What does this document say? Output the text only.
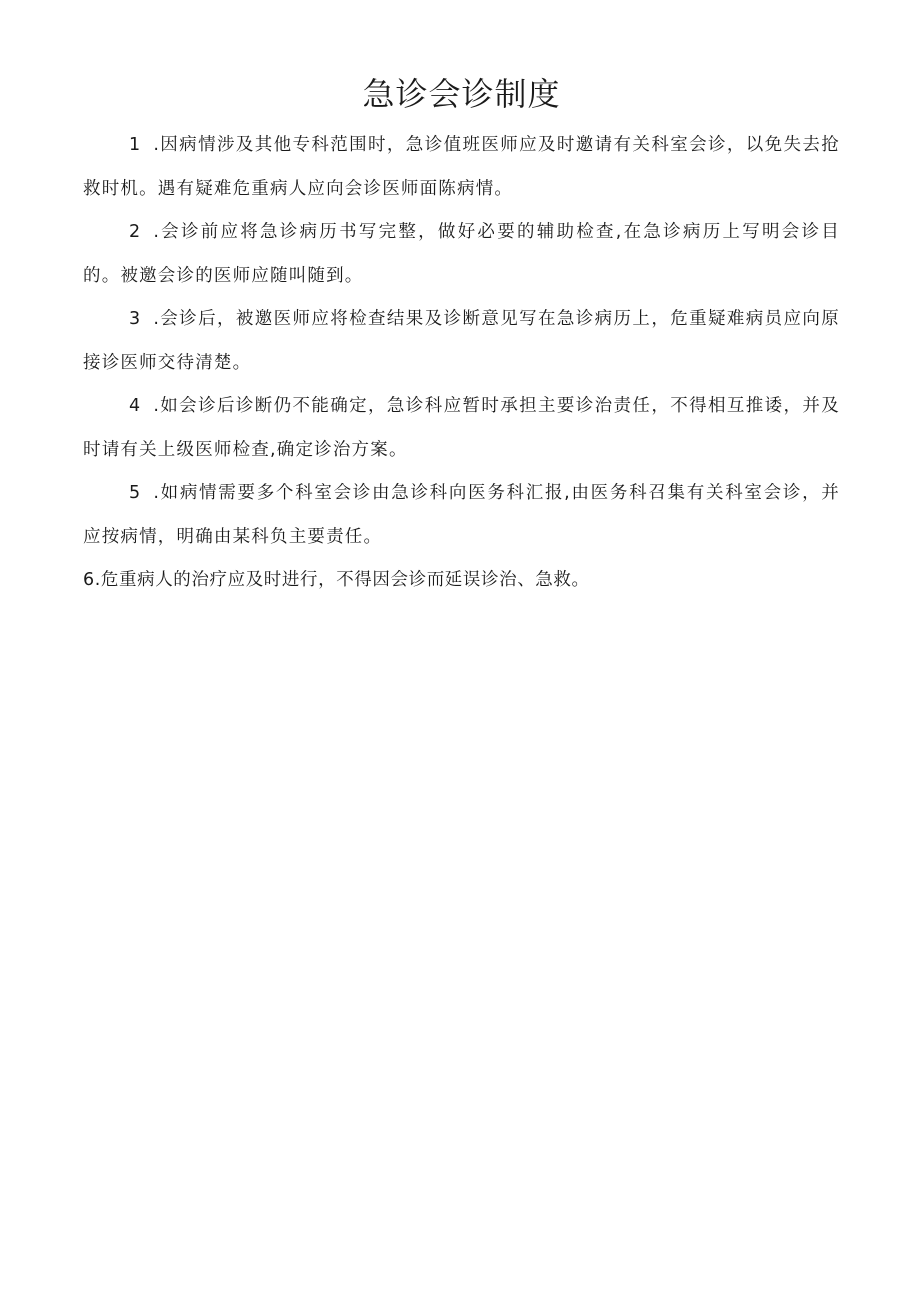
急诊会诊制度

1 .因病情涉及其他专科范围时，急诊值班医师应及时邀请有关科室会诊，以免失去抢救时机。遇有疑难危重病人应向会诊医师面陈病情。

2 .会诊前应将急诊病历书写完整，做好必要的辅助检查,在急诊病历上写明会诊目的。被邀会诊的医师应随叫随到。

3 .会诊后，被邀医师应将检查结果及诊断意见写在急诊病历上，危重疑难病员应向原接诊医师交待清楚。

4 .如会诊后诊断仍不能确定，急诊科应暂时承担主要诊治责任，不得相互推诿，并及时请有关上级医师检查,确定诊治方案。

5 .如病情需要多个科室会诊由急诊科向医务科汇报,由医务科召集有关科室会诊，并应按病情，明确由某科负主要责任。

6.危重病人的治疗应及时进行，不得因会诊而延误诊治、急救。
